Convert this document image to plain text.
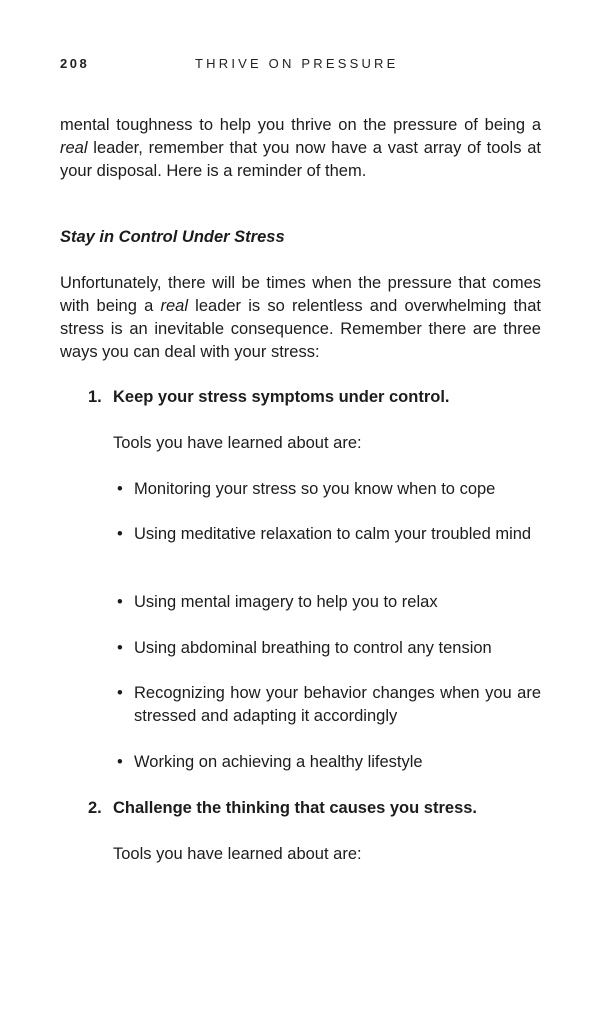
208	THRIVE ON PRESSURE

mental toughness to help you thrive on the pressure of being a real leader, remember that you now have a vast array of tools at your disposal. Here is a reminder of them.

Stay in Control Under Stress

Unfortunately, there will be times when the pressure that comes with being a real leader is so relentless and overwhelming that stress is an inevitable consequence. Remember there are three ways you can deal with your stress:

1. Keep your stress symptoms under control.

Tools you have learned about are:

• Monitoring your stress so you know when to cope
• Using meditative relaxation to calm your troubled mind
• Using mental imagery to help you to relax
• Using abdominal breathing to control any tension
• Recognizing how your behavior changes when you are stressed and adapting it accordingly
• Working on achieving a healthy lifestyle

2. Challenge the thinking that causes you stress.

Tools you have learned about are:
